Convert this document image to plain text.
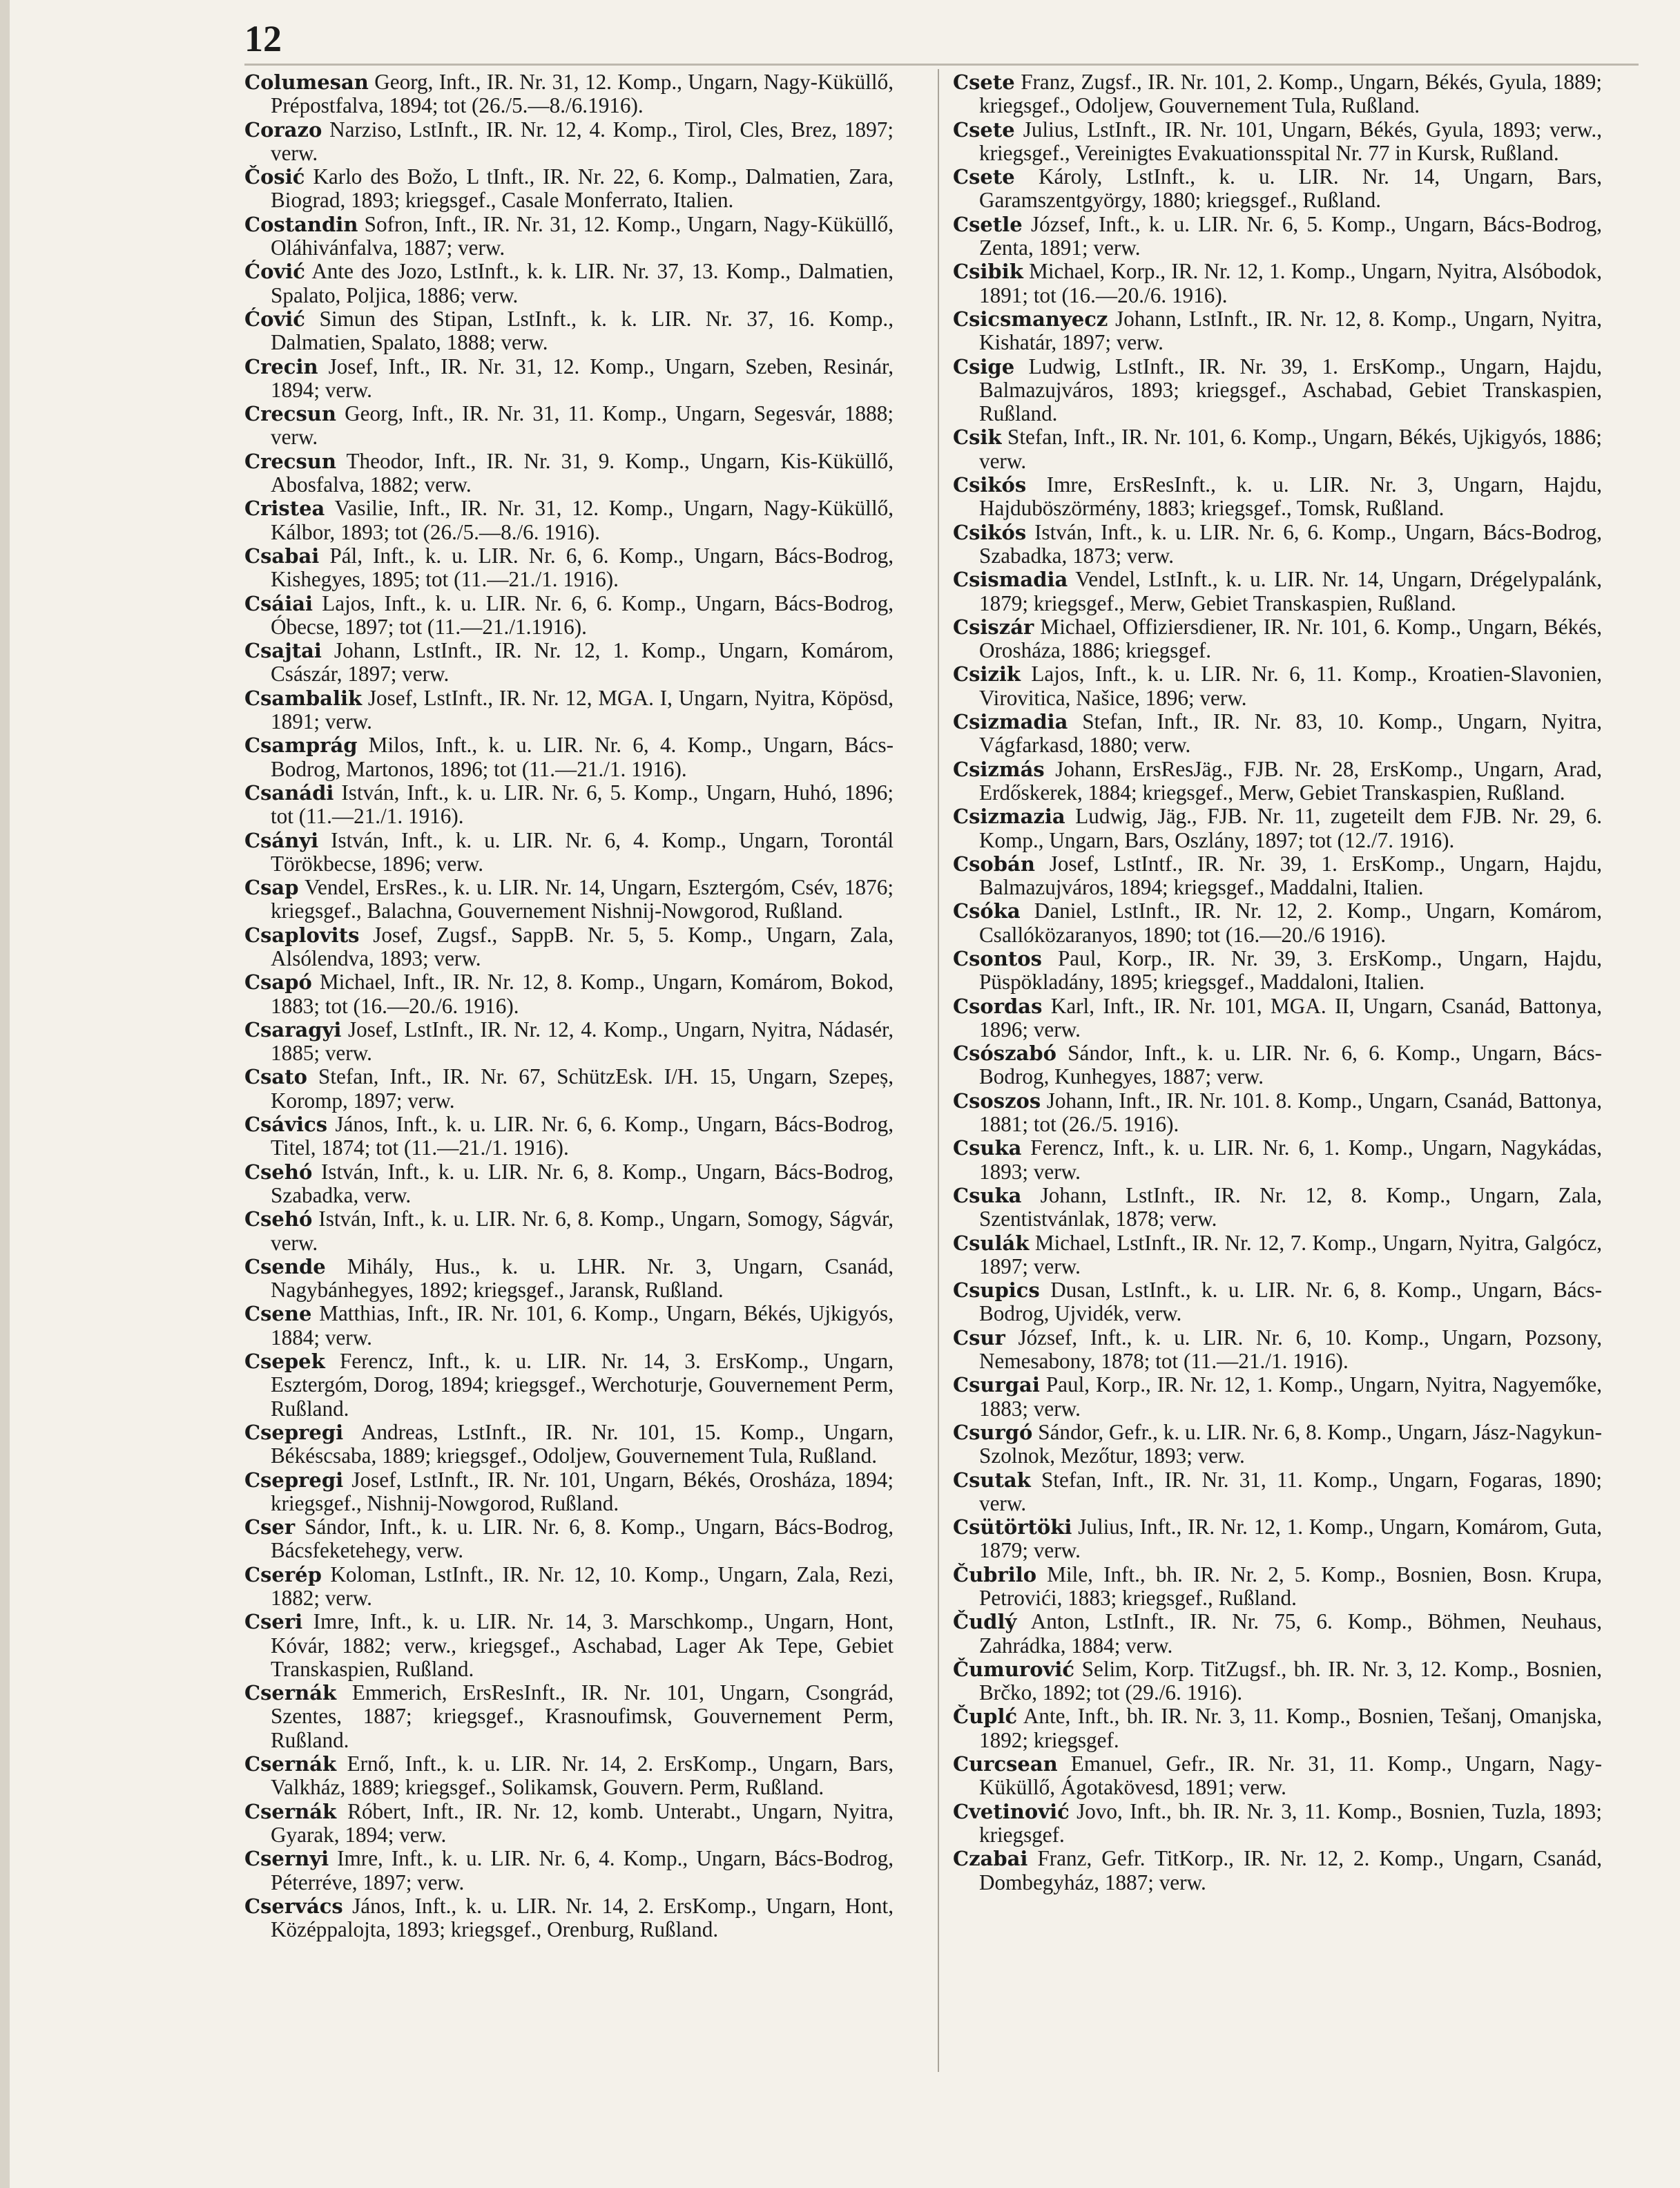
12

Columesan Georg, Inft., IR. Nr. 31, 12. Komp., Ungarn, Nagy-Küküllő, Prépostfalva, 1894; tot (26./5.—8./6.1916).

Corazo Narziso, LstInft., IR. Nr. 12, 4. Komp., Tirol, Cles, Brez, 1897; verw.

Čosić Karlo des Božo, L tInft., IR. Nr. 22, 6. Komp., Dalmatien, Zara, Biograd, 1893; kriegsgef., Casale Monferrato, Italien.

Costandin Sofron, Inft., IR. Nr. 31, 12. Komp., Ungarn, Nagy-Küküllő, Oláhivánfalva, 1887; verw.

Ćović Ante des Jozo, LstInft., k. k. LIR. Nr. 37, 13. Komp., Dalmatien, Spalato, Poljica, 1886; verw.

Ćović Simun des Stipan, LstInft., k. k. LIR. Nr. 37, 16. Komp., Dalmatien, Spalato, 1888; verw.

Crecin Josef, Inft., IR. Nr. 31, 12. Komp., Ungarn, Szeben, Resinár, 1894; verw.

Crecsun Georg, Inft., IR. Nr. 31, 11. Komp., Ungarn, Segesvár, 1888; verw.

Crecsun Theodor, Inft., IR. Nr. 31, 9. Komp., Ungarn, Kis-Küküllő, Abosfalva, 1882; verw.

Cristea Vasilie, Inft., IR. Nr. 31, 12. Komp., Ungarn, Nagy-Küküllő, Kálbor, 1893; tot (26./5.—8./6. 1916).

Csabai Pál, Inft., k. u. LIR. Nr. 6, 6. Komp., Ungarn, Bács-Bodrog, Kishegyes, 1895; tot (11.—21./1. 1916).

Csáiai Lajos, Inft., k. u. LIR. Nr. 6, 6. Komp., Ungarn, Bács-Bodrog, Óbecse, 1897; tot (11.—21./1.1916).

Csajtai Johann, LstInft., IR. Nr. 12, 1. Komp., Ungarn, Komárom, Császár, 1897; verw.

Csambalik Josef, LstInft., IR. Nr. 12, MGA. I, Ungarn, Nyitra, Köpösd, 1891; verw.

Csamprág Milos, Inft., k. u. LIR. Nr. 6, 4. Komp., Ungarn, Bács-Bodrog, Martonos, 1896; tot (11.—21./1. 1916).

Csanádi István, Inft., k. u. LIR. Nr. 6, 5. Komp., Ungarn, Huhó, 1896; tot (11.—21./1. 1916).

Csányi István, Inft., k. u. LIR. Nr. 6, 4. Komp., Ungarn, Torontál Törökbecse, 1896; verw.

Csap Vendel, ErsRes., k. u. LIR. Nr. 14, Ungarn, Esztergóm, Csév, 1876; kriegsgef., Balachna, Gouvernement Nishnij-Nowgorod, Rußland.

Csaplovits Josef, Zugsf., SappB. Nr. 5, 5. Komp., Ungarn, Zala, Alsólendva, 1893; verw.

Csapó Michael, Inft., IR. Nr. 12, 8. Komp., Ungarn, Komárom, Bokod, 1883; tot (16.—20./6. 1916).

Csaragyi Josef, LstInft., IR. Nr. 12, 4. Komp., Ungarn, Nyitra, Nádasér, 1885; verw.

Csato Stefan, Inft., IR. Nr. 67, SchützEsk. I/H. 15, Ungarn, Szepeș, Koromp, 1897; verw.

Csávics János, Inft., k. u. LIR. Nr. 6, 6. Komp., Ungarn, Bács-Bodrog, Titel, 1874; tot (11.—21./1. 1916).

Csehó István, Inft., k. u. LIR. Nr. 6, 8. Komp., Ungarn, Bács-Bodrog, Szabadka, verw.

Csehó István, Inft., k. u. LIR. Nr. 6, 8. Komp., Ungarn, Somogy, Ságvár, verw.

Csende Mihály, Hus., k. u. LHR. Nr. 3, Ungarn, Csanád, Nagybánhegyes, 1892; kriegsgef., Jaransk, Rußland.

Csene Matthias, Inft., IR. Nr. 101, 6. Komp., Ungarn, Békés, Ujkigyós, 1884; verw.

Csepek Ferencz, Inft., k. u. LIR. Nr. 14, 3. ErsKomp., Ungarn, Esztergóm, Dorog, 1894; kriegsgef., Werchoturje, Gouvernement Perm, Rußland.

Csepregi Andreas, LstInft., IR. Nr. 101, 15. Komp., Ungarn, Békéscsaba, 1889; kriegsgef., Odoljew, Gouvernement Tula, Rußland.

Csepregi Josef, LstInft., IR. Nr. 101, Ungarn, Békés, Orosháza, 1894; kriegsgef., Nishnij-Nowgorod, Rußland.

Cser Sándor, Inft., k. u. LIR. Nr. 6, 8. Komp., Ungarn, Bács-Bodrog, Bácsfeketehegy, verw.

Cserép Koloman, LstInft., IR. Nr. 12, 10. Komp., Ungarn, Zala, Rezi, 1882; verw.

Cseri Imre, Inft., k. u. LIR. Nr. 14, 3. Marschkomp., Ungarn, Hont, Kóvár, 1882; verw., kriegsgef., Aschabad, Lager Ak Tepe, Gebiet Transkaspien, Rußland.

Csernák Emmerich, ErsResInft., IR. Nr. 101, Ungarn, Csongrád, Szentes, 1887; kriegsgef., Krasnoufimsk, Gouvernement Perm, Rußland.

Csernák Ernő, Inft., k. u. LIR. Nr. 14, 2. ErsKomp., Ungarn, Bars, Valkház, 1889; kriegsgef., Solikamsk, Gouvern. Perm, Rußland.

Csernák Róbert, Inft., IR. Nr. 12, komb. Unterabt., Ungarn, Nyitra, Gyarak, 1894; verw.

Csernyi Imre, Inft., k. u. LIR. Nr. 6, 4. Komp., Ungarn, Bács-Bodrog, Péterréve, 1897; verw.

Cservács János, Inft., k. u. LIR. Nr. 14, 2. ErsKomp., Ungarn, Hont, Középpalojta, 1893; kriegsgef., Orenburg, Rußland.

Csete Franz, Zugsf., IR. Nr. 101, 2. Komp., Ungarn, Békés, Gyula, 1889; kriegsgef., Odoljew, Gouvernement Tula, Rußland.

Csete Julius, LstInft., IR. Nr. 101, Ungarn, Békés, Gyula, 1893; verw., kriegsgef., Vereinigtes Evakuationsspital Nr. 77 in Kursk, Rußland.

Csete Károly, LstInft., k. u. LIR. Nr. 14, Ungarn, Bars, Garamszentgyörgy, 1880; kriegsgef., Rußland.

Csetle József, Inft., k. u. LIR. Nr. 6, 5. Komp., Ungarn, Bács-Bodrog, Zenta, 1891; verw.

Csibik Michael, Korp., IR. Nr. 12, 1. Komp., Ungarn, Nyitra, Alsóbodok, 1891; tot (16.—20./6. 1916).

Csicsmanyecz Johann, LstInft., IR. Nr. 12, 8. Komp., Ungarn, Nyitra, Kishatár, 1897; verw.

Csige Ludwig, LstInft., IR. Nr. 39, 1. ErsKomp., Ungarn, Hajdu, Balmazujváros, 1893; kriegsgef., Aschabad, Gebiet Transkaspien, Rußland.

Csik Stefan, Inft., IR. Nr. 101, 6. Komp., Ungarn, Békés, Ujkigyós, 1886; verw.

Csikós Imre, ErsResInft., k. u. LIR. Nr. 3, Ungarn, Hajdu, Hajduböszörmény, 1883; kriegsgef., Tomsk, Rußland.

Csikós István, Inft., k. u. LIR. Nr. 6, 6. Komp., Ungarn, Bács-Bodrog, Szabadka, 1873; verw.

Csismadia Vendel, LstInft., k. u. LIR. Nr. 14, Ungarn, Drégelypalánk, 1879; kriegsgef., Merw, Gebiet Transkaspien, Rußland.

Csiszár Michael, Offiziersdiener, IR. Nr. 101, 6. Komp., Ungarn, Békés, Orosháza, 1886; kriegsgef.

Csizik Lajos, Inft., k. u. LIR. Nr. 6, 11. Komp., Kroatien-Slavonien, Virovitica, Našice, 1896; verw.

Csizmadia Stefan, Inft., IR. Nr. 83, 10. Komp., Ungarn, Nyitra, Vágfarkasd, 1880; verw.

Csizmás Johann, ErsResJäg., FJB. Nr. 28, ErsKomp., Ungarn, Arad, Erdőskerek, 1884; kriegsgef., Merw, Gebiet Transkaspien, Rußland.

Csizmazia Ludwig, Jäg., FJB. Nr. 11, zugeteilt dem FJB. Nr. 29, 6. Komp., Ungarn, Bars, Oszlány, 1897; tot (12./7. 1916).

Csobán Josef, LstIntf., IR. Nr. 39, 1. ErsKomp., Ungarn, Hajdu, Balmazujváros, 1894; kriegsgef., Maddalni, Italien.

Csóka Daniel, LstInft., IR. Nr. 12, 2. Komp., Ungarn, Komárom, Csallóközaranyos, 1890; tot (16.—20./6 1916).

Csontos Paul, Korp., IR. Nr. 39, 3. ErsKomp., Ungarn, Hajdu, Püspökladány, 1895; kriegsgef., Maddaloni, Italien.

Csordas Karl, Inft., IR. Nr. 101, MGA. II, Ungarn, Csanád, Battonya, 1896; verw.

Csószabó Sándor, Inft., k. u. LIR. Nr. 6, 6. Komp., Ungarn, Bács-Bodrog, Kunhegyes, 1887; verw.

Csoszos Johann, Inft., IR. Nr. 101. 8. Komp., Ungarn, Csanád, Battonya, 1881; tot (26./5. 1916).

Csuka Ferencz, Inft., k. u. LIR. Nr. 6, 1. Komp., Ungarn, Nagykádas, 1893; verw.

Csuka Johann, LstInft., IR. Nr. 12, 8. Komp., Ungarn, Zala, Szentistvánlak, 1878; verw.

Csulák Michael, LstInft., IR. Nr. 12, 7. Komp., Ungarn, Nyitra, Galgócz, 1897; verw.

Csupics Dusan, LstInft., k. u. LIR. Nr. 6, 8. Komp., Ungarn, Bács-Bodrog, Ujvidék, verw.

Csur József, Inft., k. u. LIR. Nr. 6, 10. Komp., Ungarn, Pozsony, Nemesabony, 1878; tot (11.—21./1. 1916).

Csurgai Paul, Korp., IR. Nr. 12, 1. Komp., Ungarn, Nyitra, Nagyemőke, 1883; verw.

Csurgó Sándor, Gefr., k. u. LIR. Nr. 6, 8. Komp., Ungarn, Jász-Nagykun-Szolnok, Mezőtur, 1893; verw.

Csutak Stefan, Inft., IR. Nr. 31, 11. Komp., Ungarn, Fogaras, 1890; verw.

Csütörtöki Julius, Inft., IR. Nr. 12, 1. Komp., Ungarn, Komárom, Guta, 1879; verw.

Čubrilo Mile, Inft., bh. IR. Nr. 2, 5. Komp., Bosnien, Bosn. Krupa, Petrovići, 1883; kriegsgef., Rußland.

Čudlý Anton, LstInft., IR. Nr. 75, 6. Komp., Böhmen, Neuhaus, Zahrádka, 1884; verw.

Čumurović Selim, Korp. TitZugsf., bh. IR. Nr. 3, 12. Komp., Bosnien, Brčko, 1892; tot (29./6. 1916).

Čuplć Ante, Inft., bh. IR. Nr. 3, 11. Komp., Bosnien, Tešanj, Omanjska, 1892; kriegsgef.

Curcsean Emanuel, Gefr., IR. Nr. 31, 11. Komp., Ungarn, Nagy-Küküllő, Ágotakövesd, 1891; verw.

Cvetinović Jovo, Inft., bh. IR. Nr. 3, 11. Komp., Bosnien, Tuzla, 1893; kriegsgef.

Czabai Franz, Gefr. TitKorp., IR. Nr. 12, 2. Komp., Ungarn, Csanád, Dombegyház, 1887; verw.
